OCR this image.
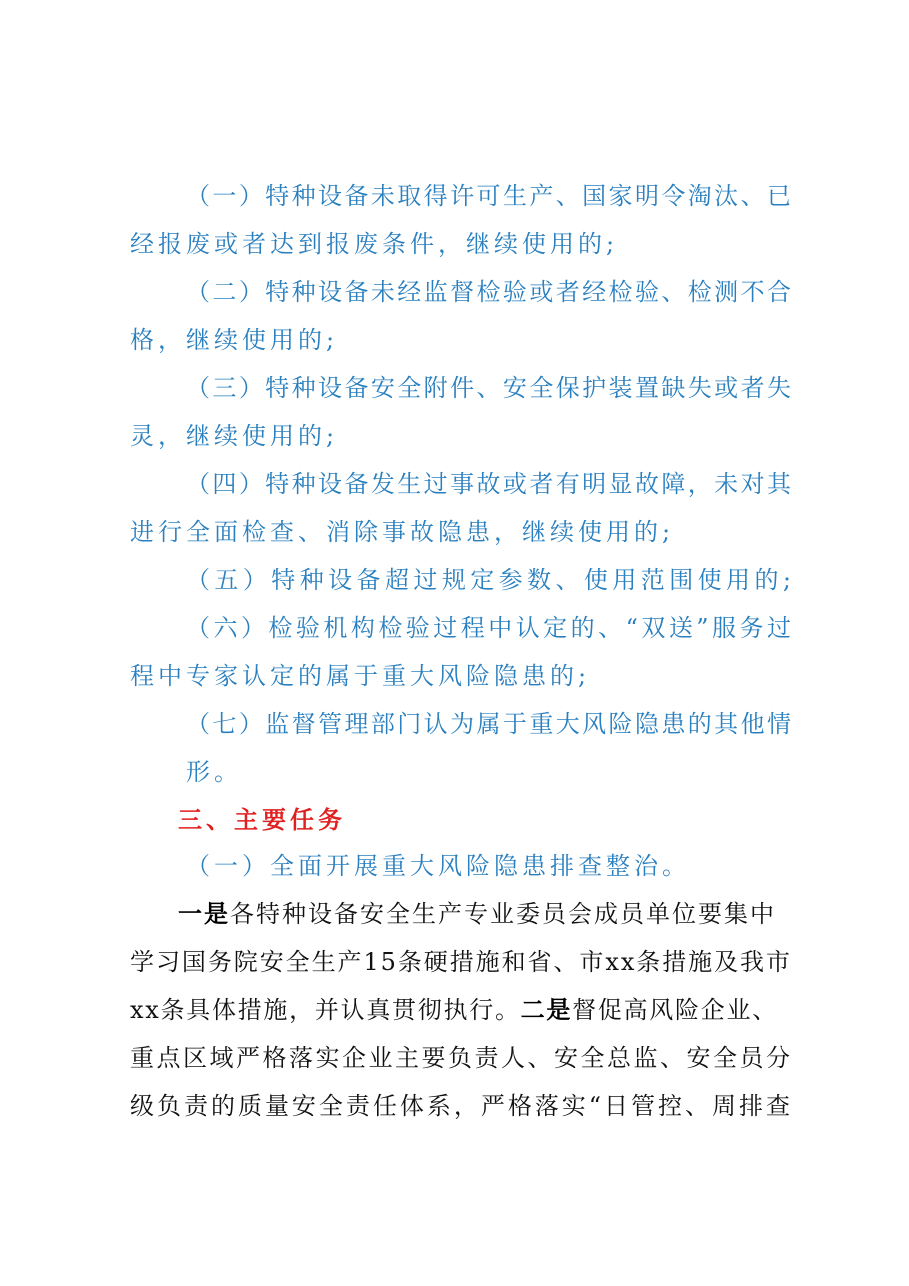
（一）特种设备未取得许可生产、国家明令淘汰、已
经报废或者达到报废条件，继续使用的;
（二）特种设备未经监督检验或者经检验、检测不合
格，继续使用的;
（三）特种设备安全附件、安全保护装置缺失或者失
灵，继续使用的;
（四）特种设备发生过事故或者有明显故障，未对其
进行全面检查、消除事故隐患，继续使用的;
（五）特种设备超过规定参数、使用范围使用的;
（六）检验机构检验过程中认定的、“双送”服务过
程中专家认定的属于重大风险隐患的;
（七）监督管理部门认为属于重大风险隐患的其他情
形。
三、主要任务
（一）全面开展重大风险隐患排查整治。
一是各特种设备安全生产专业委员会成员单位要集中
学习国务院安全生产15条硬措施和省、市xx条措施及我市
xx条具体措施，并认真贯彻执行。二是督促高风险企业、
重点区域严格落实企业主要负责人、安全总监、安全员分
级负责的质量安全责任体系，严格落实“日管控、周排查
